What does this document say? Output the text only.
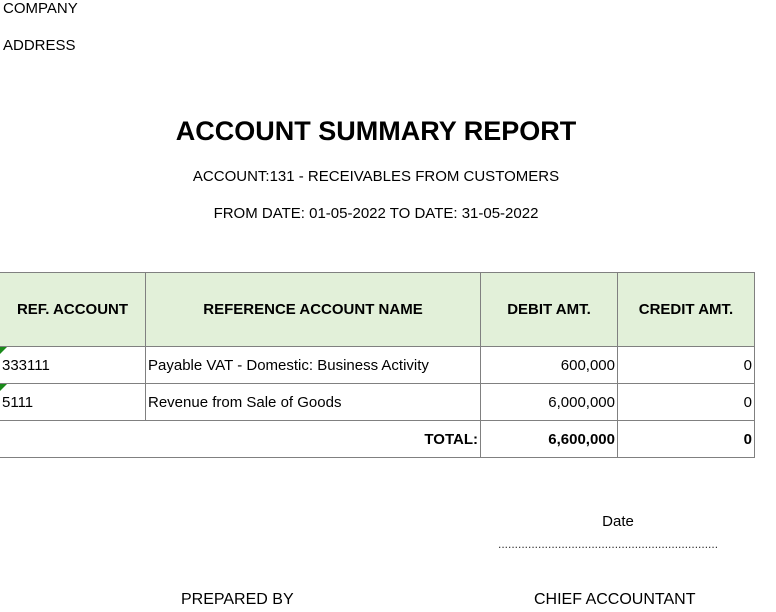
COMPANY
ADDRESS
ACCOUNT SUMMARY REPORT
ACCOUNT:131 - RECEIVABLES FROM CUSTOMERS
FROM DATE: 01-05-2022 TO DATE: 31-05-2022
REF. ACCOUNT	REFERENCE ACCOUNT NAME	DEBIT AMT.	CREDIT AMT.

333111	Payable VAT - Domestic: Business Activity	600,000	0

5111	Revenue from Sale of Goods	6,000,000	0
TOTAL:		6,600,000	0
Date
..................................................................
PREPARED BY	CHIEF ACCOUNTANT
